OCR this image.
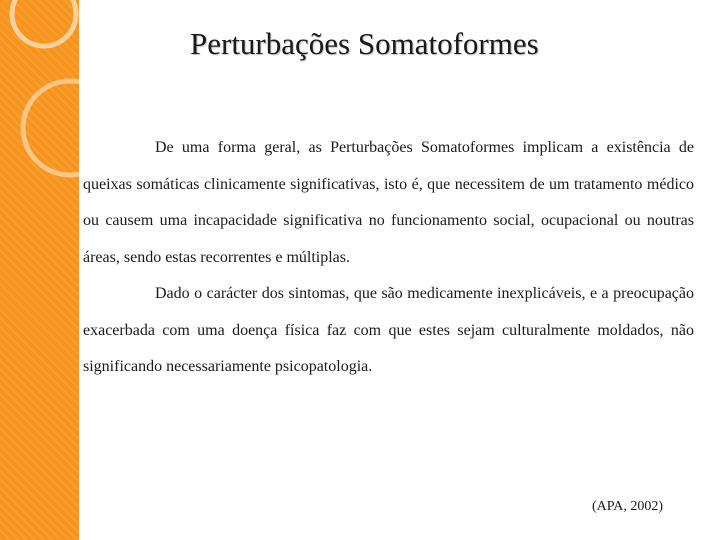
Perturbações Somatoformes

De uma forma geral, as Perturbações Somatoformes implicam a existência de queixas somáticas clinicamente significativas, isto é, que necessitem de um tratamento médico ou causem uma incapacidade significativa no funcionamento social, ocupacional ou noutras áreas, sendo estas recorrentes e múltiplas.

Dado o carácter dos sintomas, que são medicamente inexplicáveis, e a preocupação exacerbada com uma doença física faz com que estes sejam culturalmente moldados, não significando necessariamente psicopatologia.

(APA, 2002)
